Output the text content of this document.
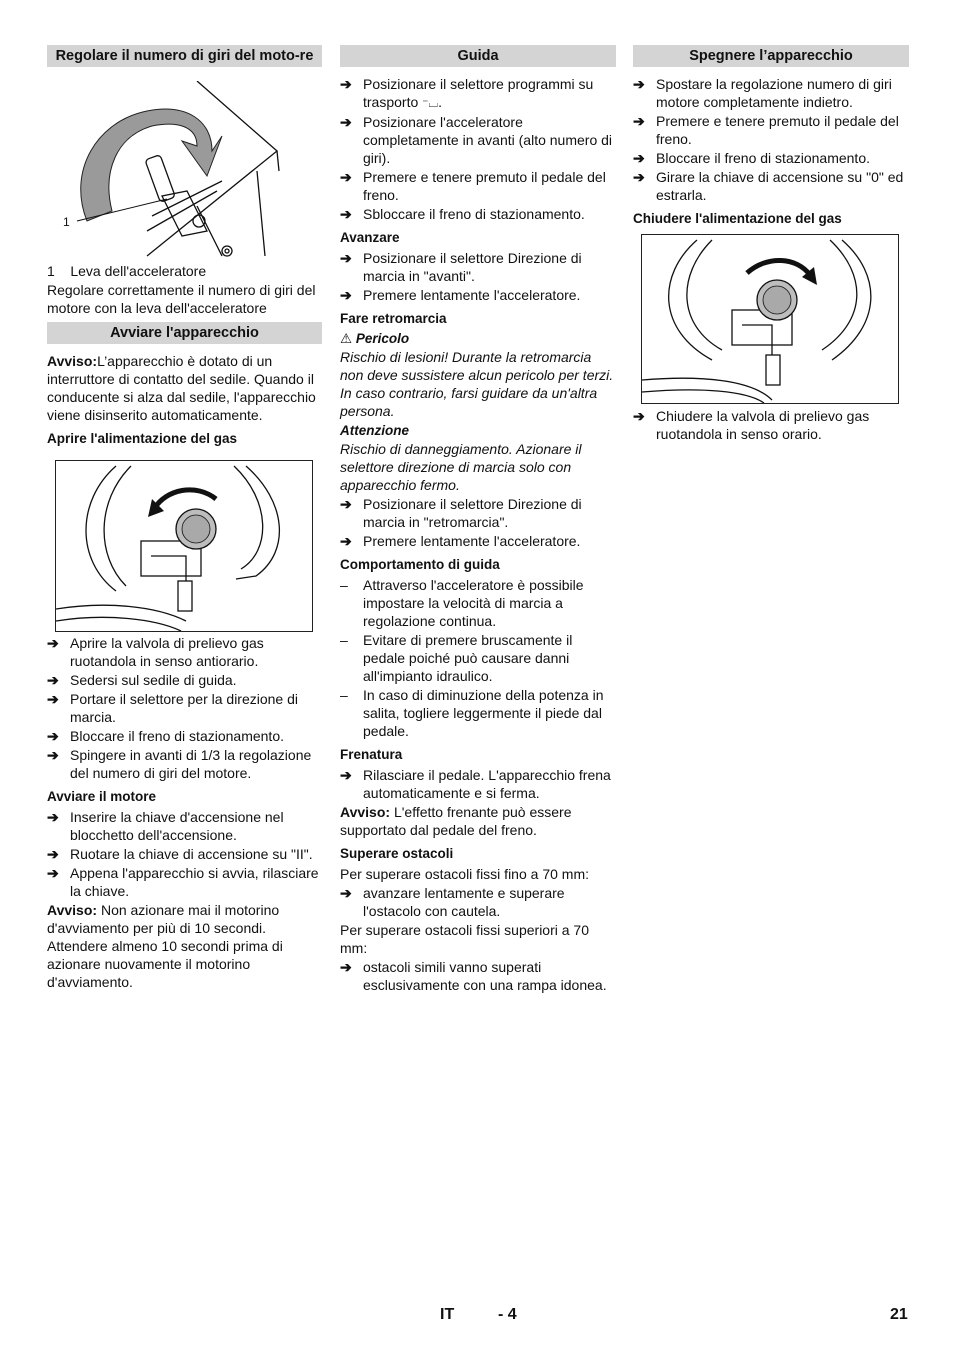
Regolare il numero di giri del moto-re
1
1    Leva dell'acceleratore
Regolare correttamente il numero di giri del motore con la leva dell'acceleratore
Avviare l'apparecchio
Avviso:L’apparecchio è dotato di un interruttore di contatto del sedile. Quando il conducente si alza dal sedile, l'apparecchio viene disinserito automaticamente.
Aprire l'alimentazione del gas
➔ Aprire la valvola di prelievo gas ruotandola in senso antiorario.
➔ Sedersi sul sedile di guida.
➔ Portare il selettore per la direzione di marcia.
➔ Bloccare il freno di stazionamento.
➔ Spingere in avanti di 1/3 la regolazione del numero di giri del motore.
Avviare il motore
➔ Inserire la chiave d'accensione nel blocchetto dell'accensione.
➔ Ruotare la chiave di accensione su "II".
➔ Appena l'apparecchio si avvia, rilasciare la chiave.
Avviso: Non azionare mai il motorino d'avviamento per più di 10 secondi. Attendere almeno 10 secondi prima di azionare nuovamente il motorino d'avviamento.
Guida
➔ Posizionare il selettore programmi su trasporto ⁻⌴.
➔ Posizionare l'acceleratore completamente in avanti (alto numero di giri).
➔ Premere e tenere premuto il pedale del freno.
➔ Sbloccare il freno di stazionamento.
Avanzare
➔ Posizionare il selettore Direzione di marcia in "avanti".
➔ Premere lentamente l'acceleratore.
Fare retromarcia
⚠ Pericolo
Rischio di lesioni! Durante la retromarcia non deve sussistere alcun pericolo per terzi. In caso contrario, farsi guidare da un'altra persona.
Attenzione
Rischio di danneggiamento. Azionare il selettore direzione di marcia solo con apparecchio fermo.
➔ Posizionare il selettore Direzione di marcia in "retromarcia".
➔ Premere lentamente l'acceleratore.
Comportamento di guida
– Attraverso l'acceleratore è possibile impostare la velocità di marcia a regolazione continua.
– Evitare di premere bruscamente il pedale poiché può causare danni all'impianto idraulico.
– In caso di diminuzione della potenza in salita, togliere leggermente il piede dal pedale.
Frenatura
➔ Rilasciare il pedale. L'apparecchio frena automaticamente e si ferma.
Avviso: L'effetto frenante può essere supportato dal pedale del freno.
Superare ostacoli
Per superare ostacoli fissi fino a 70 mm:
➔ avanzare lentamente e superare l'ostacolo con cautela.
Per superare ostacoli fissi superiori a 70 mm:
➔ ostacoli simili vanno superati esclusivamente con una rampa idonea.
Spegnere l’apparecchio
➔ Spostare la regolazione numero di giri motore completamente indietro.
➔ Premere e tenere premuto il pedale del freno.
➔ Bloccare il freno di stazionamento.
➔ Girare la chiave di accensione su "0" ed estrarla.
Chiudere l'alimentazione del gas
➔ Chiudere la valvola di prelievo gas ruotandola in senso orario.
IT	- 4	21
